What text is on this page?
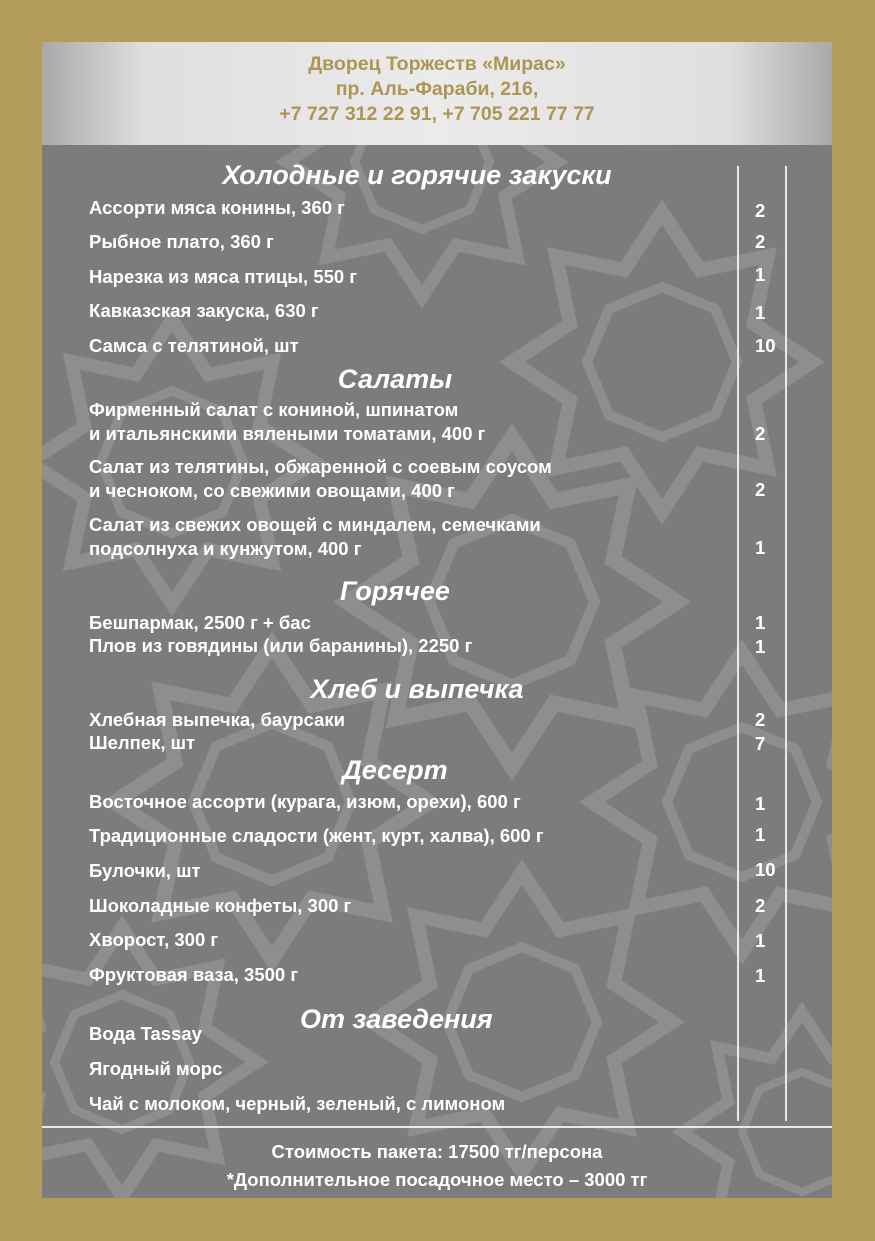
Дворец Торжеств «Мирас»
пр. Аль-Фараби, 216,
+7 727 312 22 91, +7 705 221 77 77
Холодные и горячие закуски
Ассорти мяса конины, 360 г	2
Рыбное плато, 360 г	2
Нарезка из мяса птицы, 550 г	1
Кавказская закуска, 630 г	1
Самса с телятиной, шт	10
Салаты
Фирменный салат с кониной, шпинатом
и итальянскими вялеными томатами, 400 г	2
Салат из телятины, обжаренной с соевым соусом
и чесноком, со свежими овощами, 400 г	2
Салат из свежих овощей с миндалем, семечками
подсолнуха и кунжутом, 400 г	1
Горячее
Бешпармак, 2500 г + бас	1
Плов из говядины (или баранины), 2250 г	1
Хлеб и выпечка
Хлебная выпечка, баурсаки	2
Шелпек, шт	7
Десерт
Восточное ассорти (курага, изюм, орехи), 600 г	1
Традиционные сладости (жент, курт, халва), 600 г	1
Булочки, шт	10
Шоколадные конфеты, 300 г	2
Хворост, 300 г	1
Фруктовая ваза, 3500 г	1
От заведения
Вода Tassay
Ягодный морс
Чай с молоком, черный, зеленый, с лимоном
Стоимость пакета: 17500 тг/персона
*Дополнительное посадочное место – 3000 тг
